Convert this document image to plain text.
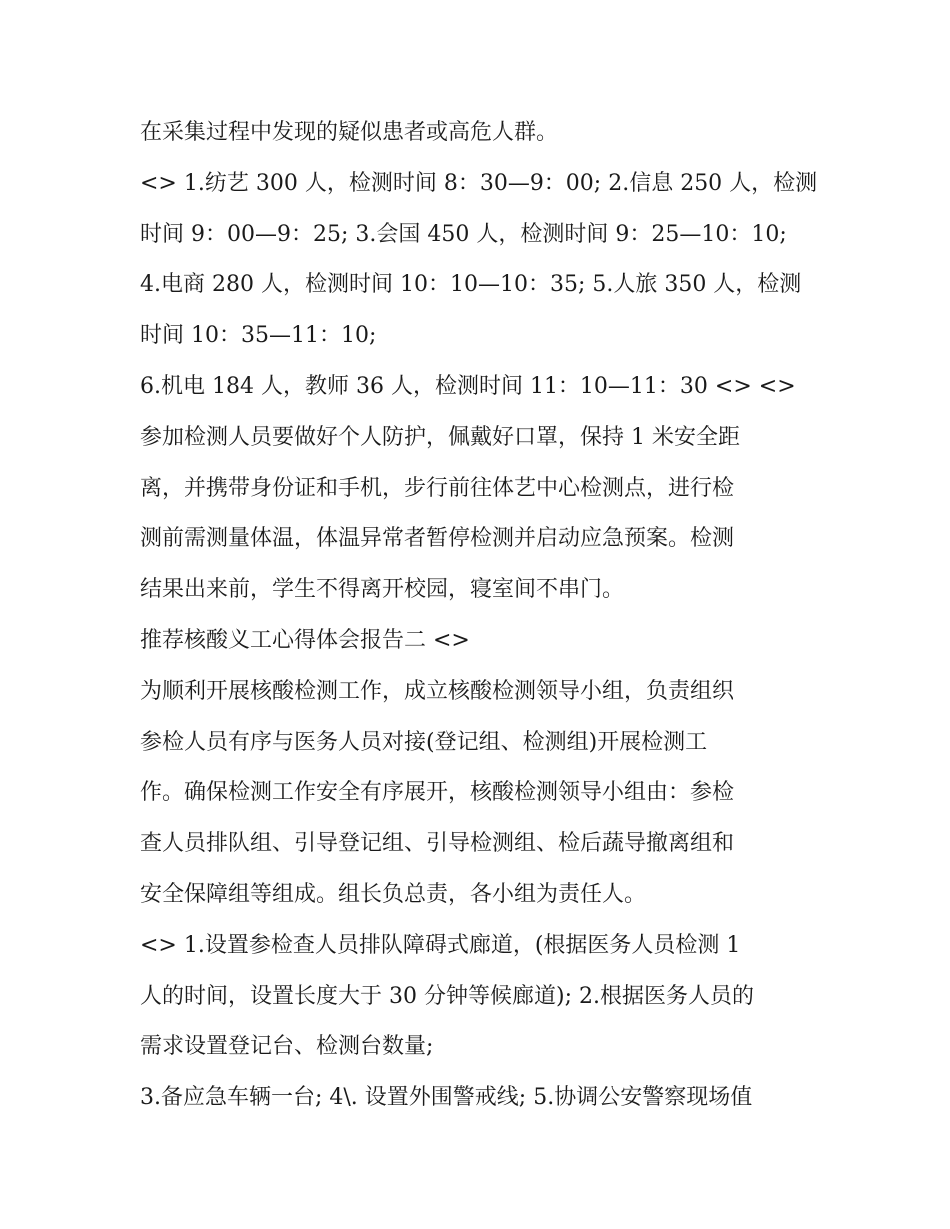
在采集过程中发现的疑似患者或高危人群。
<> 1.纺艺 300 人，检测时间 8：30—9：00; 2.信息 250 人，检测
时间 9：00—9：25; 3.会国 450 人，检测时间 9：25—10：10;
4.电商 280 人，检测时间 10：10—10：35; 5.人旅 350 人，检测
时间 10：35—11：10;
6.机电 184 人，教师 36 人，检测时间 11：10—11：30 <> <>
参加检测人员要做好个人防护，佩戴好口罩，保持 1 米安全距
离，并携带身份证和手机，步行前往体艺中心检测点，进行检
测前需测量体温，体温异常者暂停检测并启动应急预案。检测
结果出来前，学生不得离开校园，寝室间不串门。
推荐核酸义工心得体会报告二 <>
为顺利开展核酸检测工作，成立核酸检测领导小组，负责组织
参检人员有序与医务人员对接(登记组、检测组)开展检测工
作。确保检测工作安全有序展开，核酸检测领导小组由：参检
查人员排队组、引导登记组、引导检测组、检后蔬导撤离组和
安全保障组等组成。组长负总责，各小组为责任人。
<> 1.设置参检查人员排队障碍式廊道，(根据医务人员检测 1
人的时间，设置长度大于 30 分钟等候廊道); 2.根据医务人员的
需求设置登记台、检测台数量;
3.备应急车辆一台; 4\. 设置外围警戒线; 5.协调公安警察现场值
